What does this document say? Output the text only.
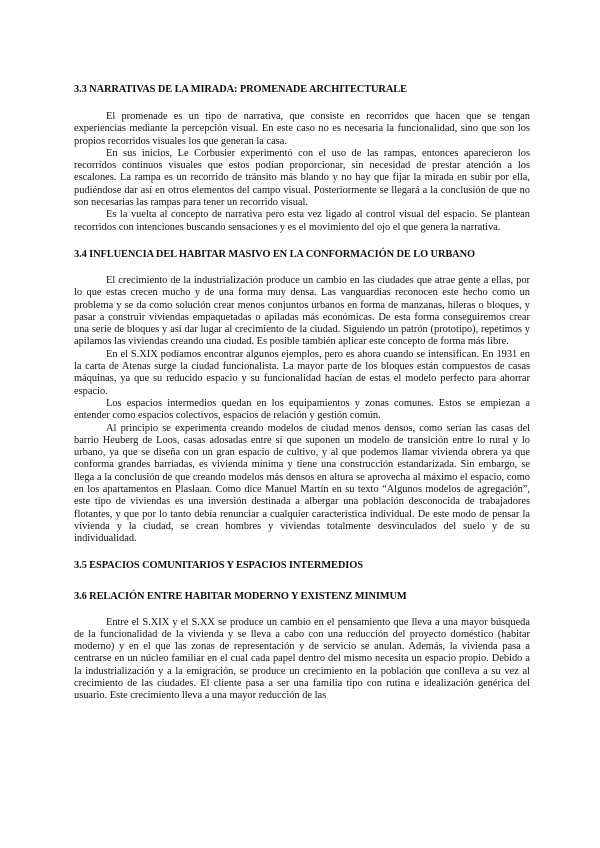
3.3 NARRATIVAS DE LA MIRADA: PROMENADE ARCHITECTURALE

El promenade es un tipo de narrativa, que consiste en recorridos que hacen que se tengan experiencias mediante la percepción visual. En este caso no es necesaria la funcionalidad, sino que son los propios recorridos visuales los que generan la casa.

En sus inicios, Le Corbusier experimentó con el uso de las rampas, entonces aparecieron los recorridos continuos visuales que estos podían proporcionar, sin necesidad de prestar atención a los escalones. La rampa es un recorrido de tránsito más blando y no hay que fijar la mirada en subir por ella, pudiéndose dar así en otros elementos del campo visual. Posteriormente se llegará a la conclusión de que no son necesarias las rampas para tener un recorrido visual.

Es la vuelta al concepto de narrativa pero esta vez ligado al control visual del espacio. Se plantean recorridos con intenciones buscando sensaciones y es el movimiento del ojo el que genera la narrativa.

3.4 INFLUENCIA DEL HABITAR MASIVO EN LA CONFORMACIÓN DE LO URBANO

El crecimiento de la industrialización produce un cambio en las ciudades que atrae gente a ellas, por lo que estas crecen mucho y de una forma muy densa. Las vanguardias reconocen este hecho como un problema y se da como solución crear menos conjuntos urbanos en forma de manzanas, hileras o bloques, y pasar a construir viviendas empaquetadas o apiladas más económicas. De esta forma conseguiremos crear una serie de bloques y así dar lugar al crecimiento de la ciudad. Siguiendo un patrón (prototipo), repetimos y apilamos las viviendas creando una ciudad. Es posible también aplicar este concepto de forma más libre.

En el S.XIX podíamos encontrar algunos ejemplos, pero es ahora cuando se intensifican. En 1931 en la carta de Atenas surge la ciudad funcionalista. La mayor parte de los bloques están compuestos de casas máquinas, ya que su reducido espacio y su funcionalidad hacían de estas el modelo perfecto para ahorrar espacio.

Los espacios intermedios quedan en los equipamientos y zonas comunes. Estos se empiezan a entender como espacios colectivos, espacios de relación y gestión común.

Al principio se experimenta creando modelos de ciudad menos densos, como serían las casas del barrio Heuberg de Loos, casas adosadas entre sí que suponen un modelo de transición entre lo rural y lo urbano, ya que se diseña con un gran espacio de cultivo, y al que podemos llamar vivienda obrera ya que conforma grandes barriadas, es vivienda mínima y tiene una construcción estandarizada. Sin embargo, se llega a la conclusión de que creando modelos más densos en altura se aprovecha al máximo el espacio, como en los apartamentos en Plaslaan. Como dice Manuel Martín en su texto “Algunos modelos de agregación”, este tipo de viviendas es una inversión destinada a albergar una población desconocida de trabajadores flotantes, y que por lo tanto debía renunciar a cualquier característica individual. De este modo de pensar la vivienda y la ciudad, se crean hombres y viviendas totalmente desvinculados del suelo y de su individualidad.

3.5 ESPACIOS COMUNITARIOS Y ESPACIOS INTERMEDIOS
3.6 RELACIÓN ENTRE HABITAR MODERNO Y EXISTENZ MINIMUM

Entre el S.XIX y el S.XX se produce un cambio en el pensamiento que lleva a una mayor búsqueda de la funcionalidad de la vivienda y se lleva a cabo con una reducción del proyecto doméstico (habitar moderno) y en el que las zonas de representación y de servicio se anulan. Además, la vivienda pasa a centrarse en un núcleo familiar en el cual cada papel dentro del mismo necesita un espacio propio. Debido a la industrialización y a la emigración, se produce un crecimiento en la población que conlleva a su vez al crecimiento de las ciudades. El cliente pasa a ser una familia tipo con rutina e idealización genérica del usuario. Este crecimiento lleva a una mayor reducción de las
